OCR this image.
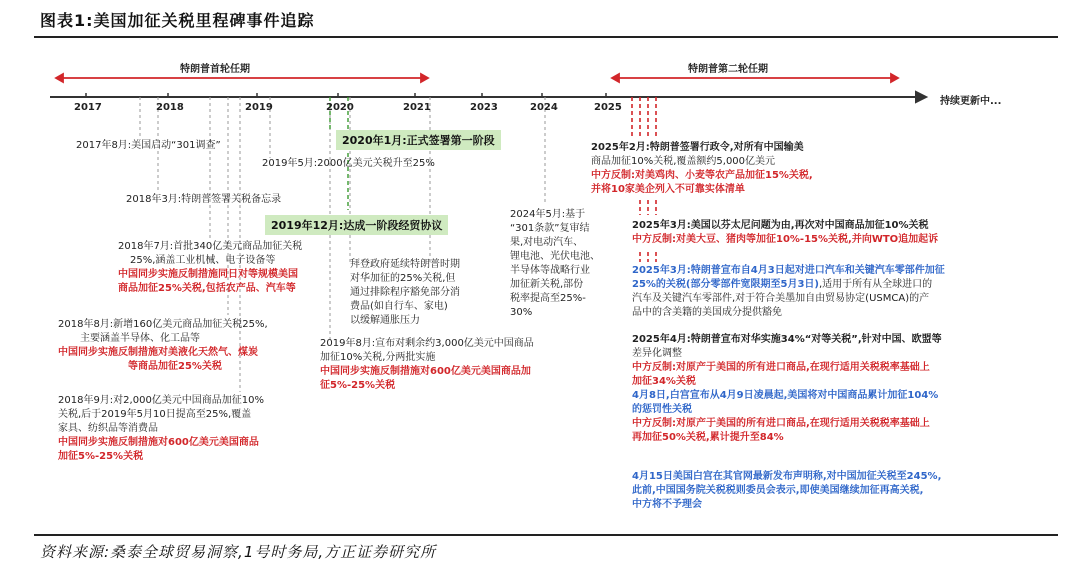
图表1:美国加征关税里程碑事件追踪
特朗普首轮任期	特朗普第二轮任期
持续更新中...
2017	2018	2019	2020	2021	2023	2024	2025
2017年8月:美国启动“301调查”	2020年1月:正式签署第一阶段
2019年5月:2000亿美元关税升至25%
2018年3月:特朗普签署关税备忘录
2019年12月:达成一阶段经贸协议
2018年7月:首批340亿美元商品加征关税
25%,涵盖工业机械、电子设备等
中国同步实施反制措施同日对等规模美国
商品加征25%关税,包括农产品、汽车等
拜登政府延续特朗普时期
对华加征的25%关税,但
通过排除程序豁免部分消
费品(如自行车、家电)
以缓解通胀压力
2024年5月:基于
“301条款”复审结
果,对电动汽车、
锂电池、光伏电池、
半导体等战略行业
加征新关税,部份
税率提高至25%-
30%
2018年8月:新增160亿美元商品加征关税25%,
主要涵盖半导体、化工品等
中国同步实施反制措施对美液化天然气、煤炭
等商品加征25%关税
2019年8月:宣布对剩余约3,000亿美元中国商品
加征10%关税,分两批实施
中国同步实施反制措施对600亿美元美国商品加
征5%-25%关税
2018年9月:对2,000亿美元中国商品加征10%
关税,后于2019年5月10日提高至25%,覆盖
家具、纺织品等消费品
中国同步实施反制措施对600亿美元美国商品
加征5%-25%关税
2025年2月:特朗普签署行政令,对所有中国输美
商品加征10%关税,覆盖额约5,000亿美元
中方反制:对美鸡肉、小麦等农产品加征15%关税,
并将10家美企列入不可靠实体清单
2025年3月:美国以芬太尼问题为由,再次对中国商品加征10%关税
中方反制:对美大豆、猪肉等加征10%-15%关税,并向WTO追加起诉
2025年3月:特朗普宣布自4月3日起对进口汽车和关键汽车零部件加征
25%的关税(部分零部件宽限期至5月3日),适用于所有从全球进口的
汽车及关键汽车零部件,对于符合美墨加自由贸易协定(USMCA)的产
品中的含美籍的美国成分提供豁免
2025年4月:特朗普宣布对华实施34%“对等关税”,针对中国、欧盟等
差异化调整
中方反制:对原产于美国的所有进口商品,在现行适用关税税率基础上
加征34%关税
4月8日,白宫宣布从4月9日凌晨起,美国将对中国商品累计加征104%
的惩罚性关税
中方反制:对原产于美国的所有进口商品,在现行适用关税税率基础上
再加征50%关税,累计提升至84%
4月15日美国白宫在其官网最新发布声明称,对中国加征关税至245%,
此前,中国国务院关税税则委员会表示,即使美国继续加征再高关税,
中方将不予理会
资料来源:桑泰全球贸易洞察,1号时务局,方正证券研究所
